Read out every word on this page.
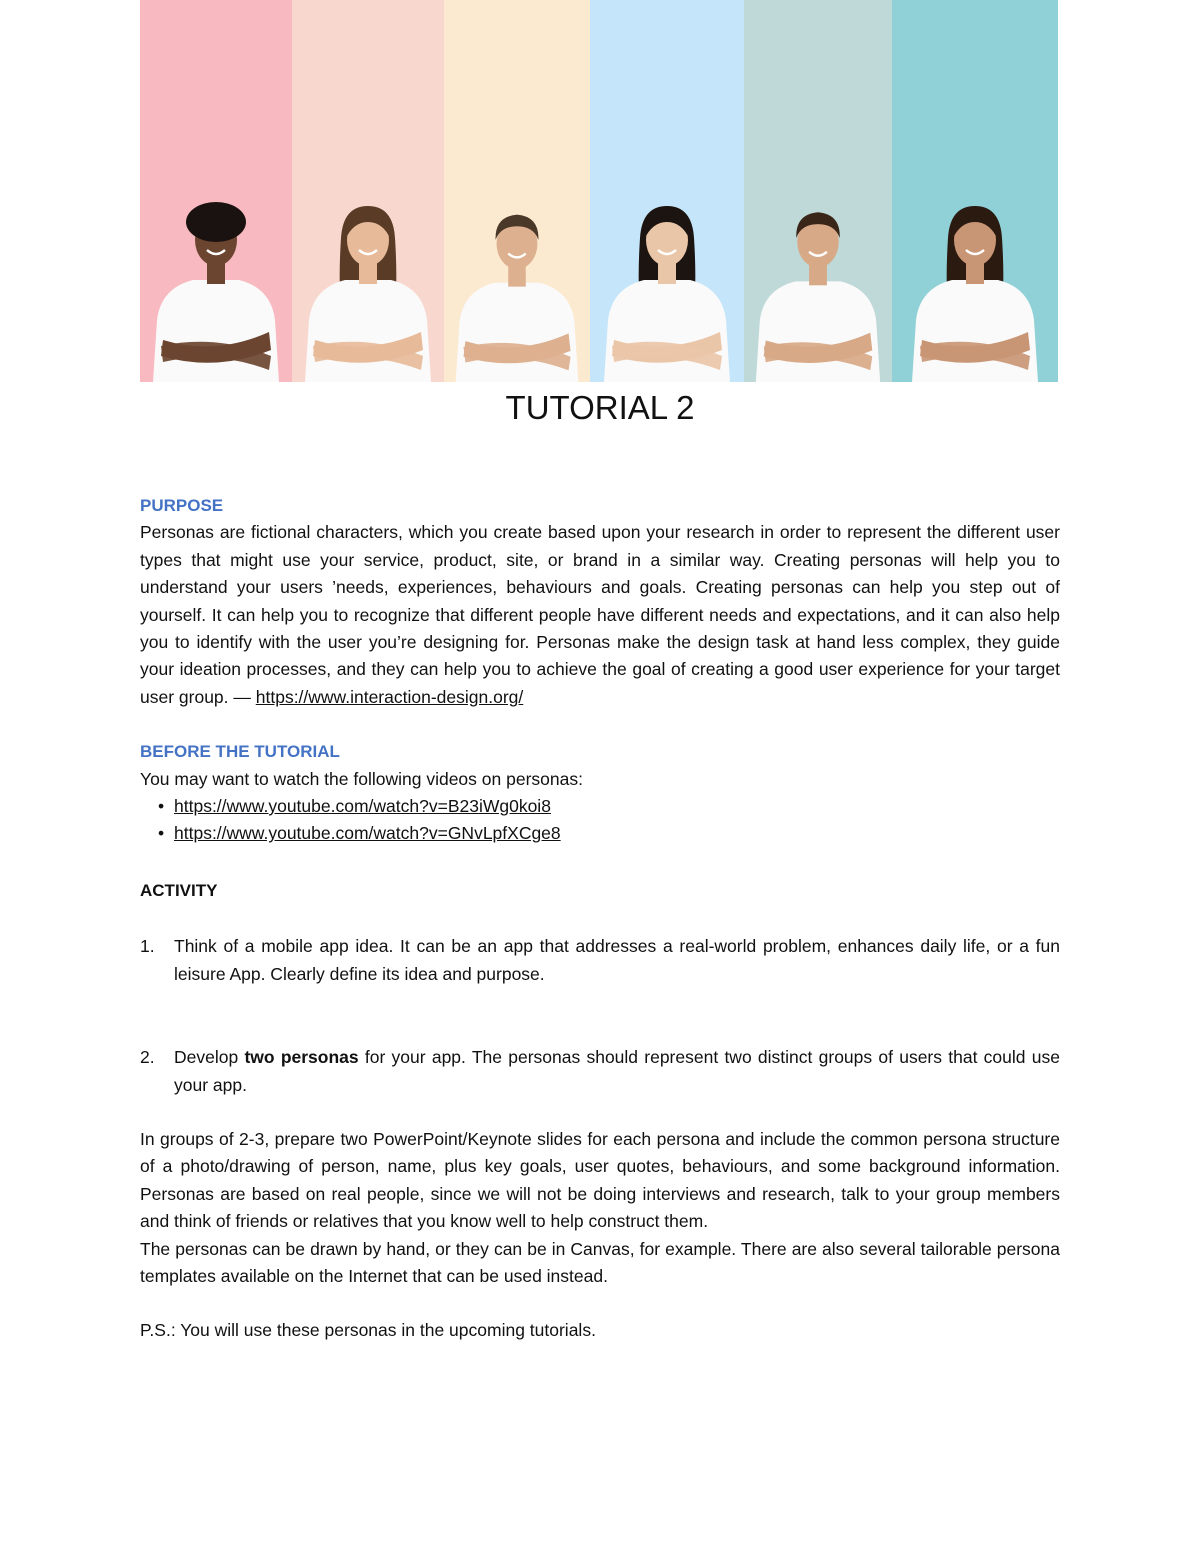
TUTORIAL 2

PURPOSE

Personas are fictional characters, which you create based upon your research in order to represent the different user types that might use your service, product, site, or brand in a similar way. Creating personas will help you to understand your users ’needs, experiences, behaviours and goals. Creating personas can help you step out of yourself. It can help you to recognize that different people have different needs and expectations, and it can also help you to identify with the user you’re designing for. Personas make the design task at hand less complex, they guide your ideation processes, and they can help you to achieve the goal of creating a good user experience for your target user group. — https://www.interaction-design.org/

BEFORE THE TUTORIAL

You may want to watch the following videos on personas:

• https://www.youtube.com/watch?v=B23iWg0koi8
• https://www.youtube.com/watch?v=GNvLpfXCge8

ACTIVITY

1. Think of a mobile app idea. It can be an app that addresses a real-world problem, enhances daily life, or a fun leisure App. Clearly define its idea and purpose.
2. Develop two personas for your app. The personas should represent two distinct groups of users that could use your app.

In groups of 2-3, prepare two PowerPoint/Keynote slides for each persona and include the common persona structure of a photo/drawing of person, name, plus key goals, user quotes, behaviours, and some background information. Personas are based on real people, since we will not be doing interviews and research, talk to your group members and think of friends or relatives that you know well to help construct them.

The personas can be drawn by hand, or they can be in Canvas, for example. There are also several tailorable persona templates available on the Internet that can be used instead.

P.S.: You will use these personas in the upcoming tutorials.
